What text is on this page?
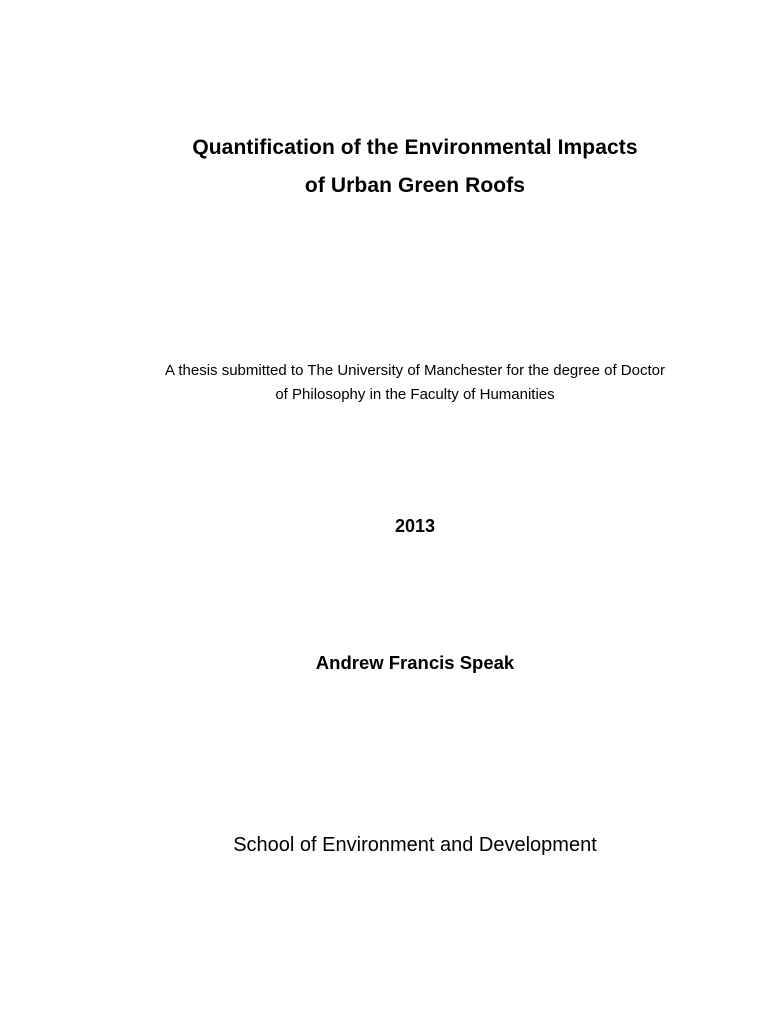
Quantification of the Environmental Impacts
of Urban Green Roofs
A thesis submitted to The University of Manchester for the degree of Doctor
of Philosophy in the Faculty of Humanities
2013
Andrew Francis Speak
School of Environment and Development
